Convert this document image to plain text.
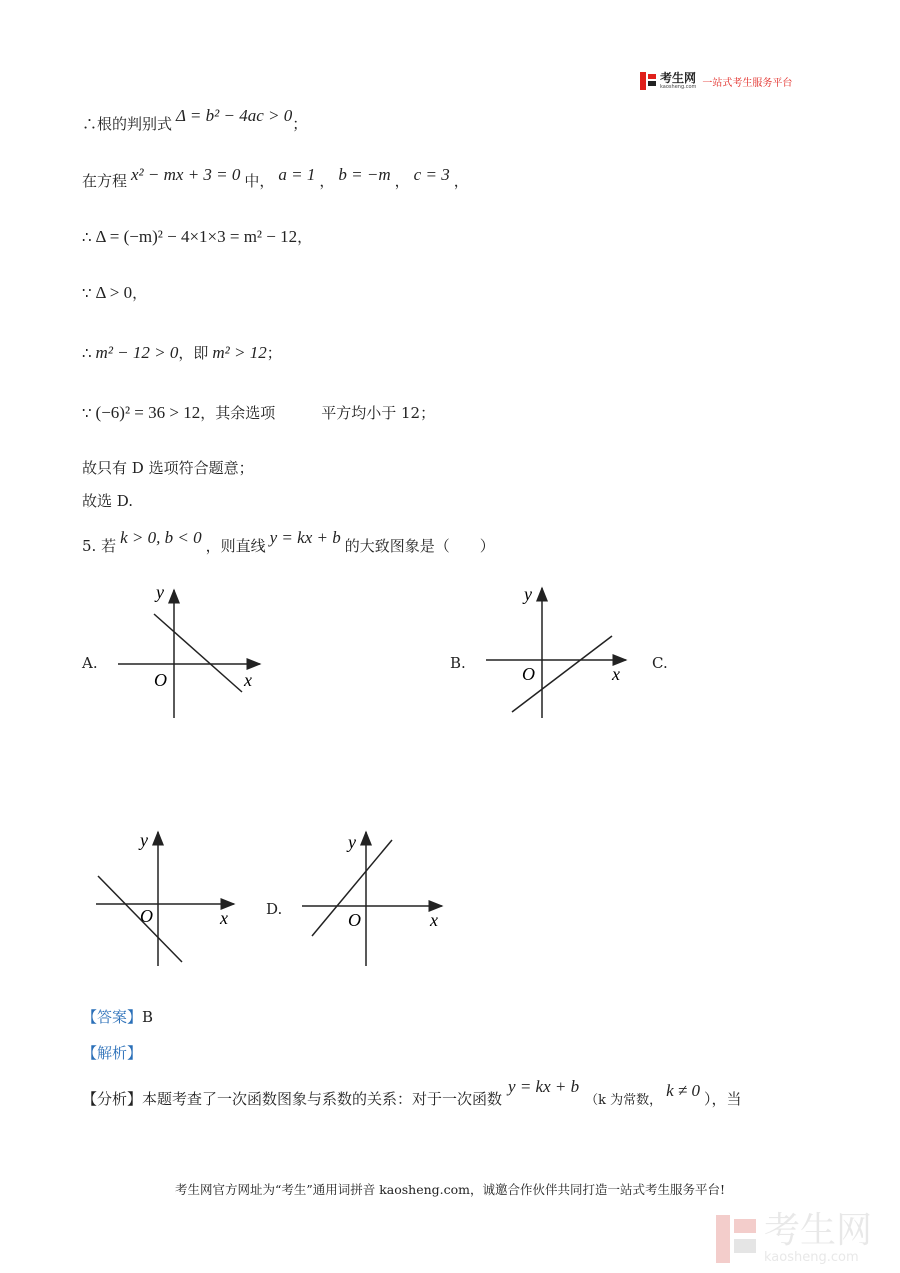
考生网
kaosheng.com 一站式考生服务平台
∴根的判别式 Δ = b² − 4ac > 0；
在方程 x² − mx + 3 = 0 中， a = 1 ， b = −m ， c = 3 ，
∴ Δ = (−m)² − 4×1×3 = m² − 12，
∵ Δ > 0，
∴ m² − 12 > 0，即 m² > 12；
∵ (−6)² = 36 > 12，其余选项	平方均小于 12；
故只有 D 选项符合题意；
故选 D.
5. 若 k > 0, b < 0 ，则直线 y = kx + b 的大致图象是（　　）
A.
y
O	x
B.
y
O	x
C.
y
O	x	D.
y
O	x
【答案】B
【解析】
【分析】本题考查了一次函数图象与系数的关系：对于一次函数y = kx + b（k 为常数，k ≠ 0 ），当
考生网官方网址为“考生”通用词拼音 kaosheng.com，诚邀合作伙伴共同打造一站式考生服务平台!
考生网
kaosheng.com
